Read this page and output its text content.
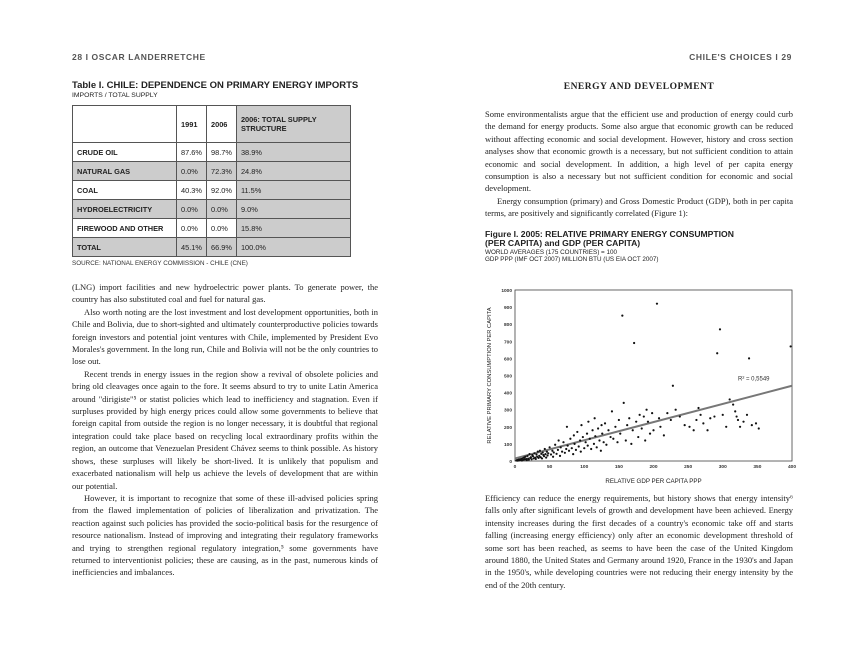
28 I OSCAR LANDERRETCHE	CHILE'S CHOICES I 29

Table I. CHILE: DEPENDENCE ON PRIMARY ENERGY IMPORTS

IMPORTS / TOTAL SUPPLY

	1991	2006	2006: TOTAL SUPPLY STRUCTURE
CRUDE OIL	87.6%	98.7%	38.9%
NATURAL GAS	0.0%	72.3%	24.8%
COAL	40.3%	92.0%	11.5%
HYDROELECTRICITY	0.0%	0.0%	9.0%
FIREWOOD AND OTHER	0.0%	0.0%	15.8%
TOTAL	45.1%	66.9%	100.0%
SOURCE: NATIONAL ENERGY COMMISSION - CHILE (CNE)

(LNG) import facilities and new hydroelectric power plants. To generate power, the country has also substituted coal and fuel for natural gas.

Also worth noting are the lost investment and lost development opportunities, both in Chile and Bolivia, due to short-sighted and ultimately counterproductive policies towards foreign investors and potential joint ventures with Chile, implemented by President Evo Morales's government. In the long run, Chile and Bolivia will not be the only countries to lose out.

Recent trends in energy issues in the region show a revival of obsolete policies and bring old cleavages once again to the fore. It seems absurd to try to unite Latin America around "dirigiste"⁵ or statist policies which lead to inefficiency and stagnation. Even if surpluses provided by high energy prices could allow some governments to believe that foreign capital from outside the region is no longer necessary, it is doubtful that regional integration could take place based on recycling local extraordinary profits within the region, an outcome that Venezuelan President Chávez seems to think possible. As history shows, these surpluses will likely be short-lived. It is unlikely that populism and exacerbated nationalism will help us achieve the levels of development that are within our potential.

However, it is important to recognize that some of these ill-advised policies spring from the flawed implementation of policies of liberalization and privatization. The reaction against such policies has provided the socio-political basis for the resurgence of resource nationalism. Instead of improving and integrating their regulatory frameworks and trying to strengthen regional regulatory integration,⁵ some governments have returned to interventionist policies; these are causing, as in the past, numerous kinds of inefficiencies and imbalances.

ENERGY AND DEVELOPMENT

Some environmentalists argue that the efficient use and production of energy could curb the demand for energy products. Some also argue that economic growth can be reduced without affecting economic and social development. However, history and cross section analyses show that economic growth is a necessary, but not sufficient condition to attain economic and social development. In addition, a high level of per capita energy consumption is also a necessary but not sufficient condition for economic and social development.

Energy consumption (primary) and Gross Domestic Product (GDP), both in per capita terms, are positively and significantly correlated (Figure 1):

Figure I. 2005: RELATIVE PRIMARY ENERGY CONSUMPTION

(PER CAPITA) and GDP (PER CAPITA)

WORLD AVERAGES (175 COUNTRIES) = 100

GDP PPP (IMF OCT 2007) MILLION BTU (US EIA OCT 2007)

Efficiency can reduce the energy requirements, but history shows that energy intensity⁶ falls only after significant levels of growth and development have been achieved. Energy intensity increases during the first decades of a country's economic take off and starts falling (increasing energy efficiency) only after an economic development threshold of some sort has been reached, as seems to have been the case of the United Kingdom around 1880, the United States and Germany around 1920, France in the 1930's and Japan in the 1950's, while developing countries were not reducing their energy intensity by the end of the 20th century.

0
100
200
300
400
500
600
700
800
900
1000
0	50	100	150	200	250	300	350	400
R² = 0,5549
RELATIVE GDP PER CAPITA PPP
RELATIVE PRIMARY CONSUMPTION PER CAPITA
